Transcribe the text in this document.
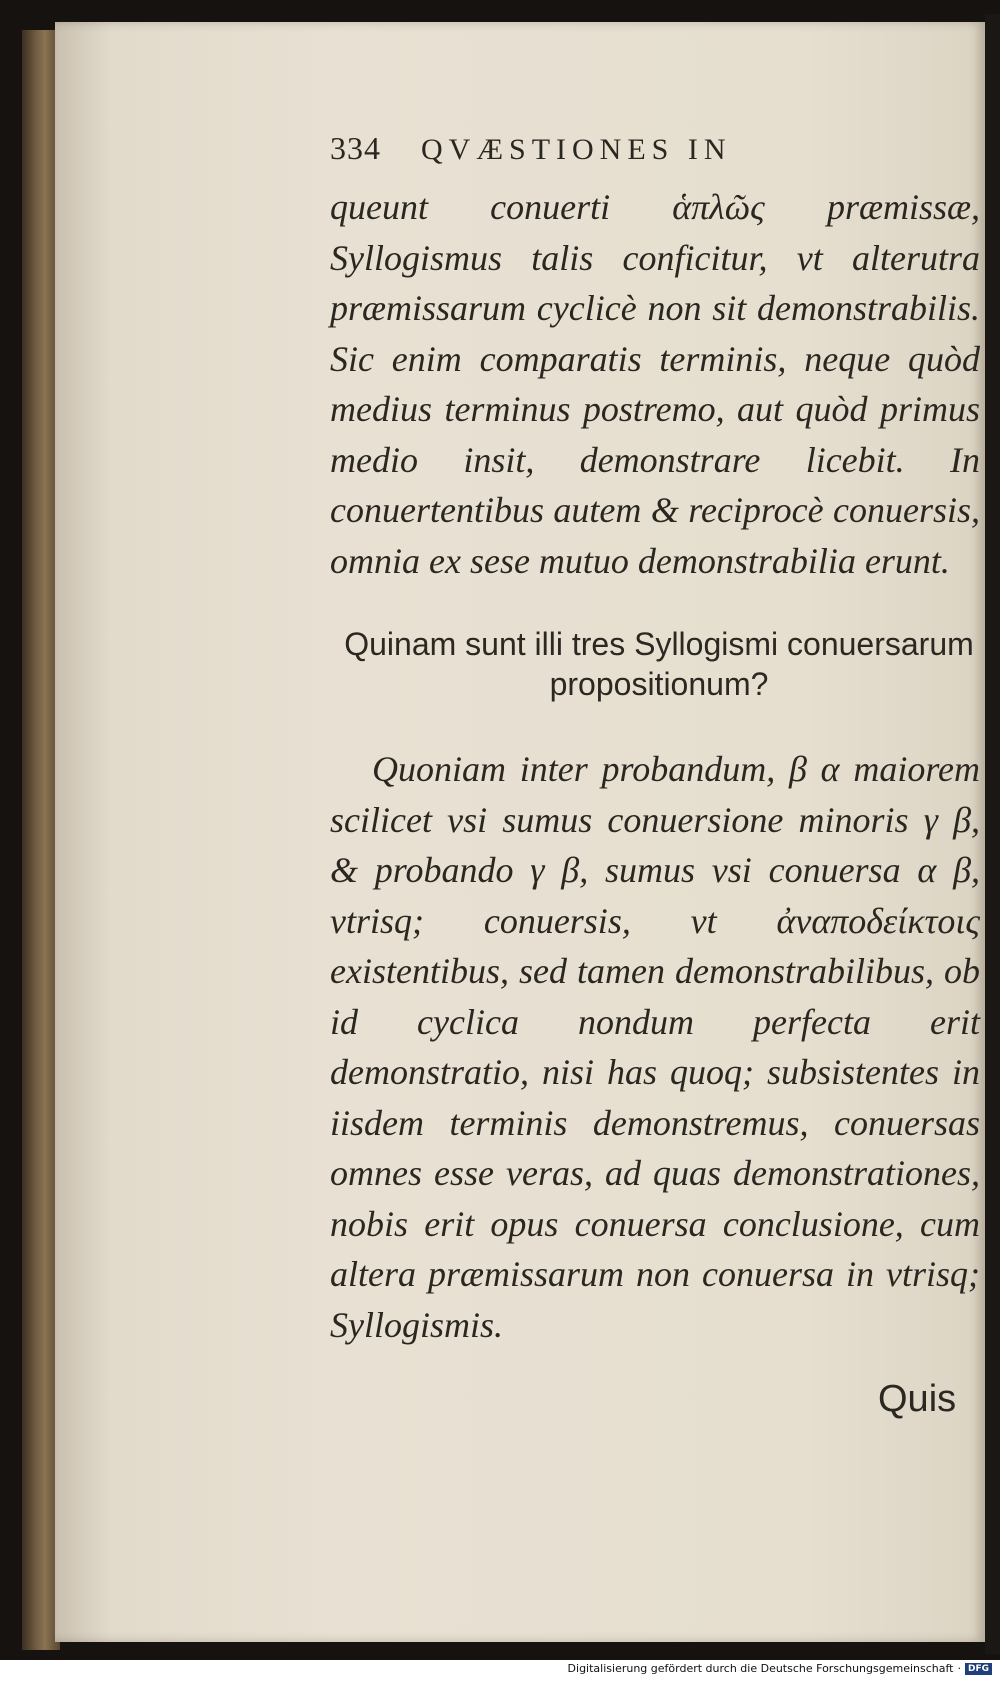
334 QVÆSTIONES IN

queunt conuerti ἁπλῶς præmissæ, Syllogismus talis conficitur, vt alterutra præmissarum cyclicè non sit demonstrabilis. Sic enim comparatis terminis, neque quòd medius terminus postremo, aut quòd primus medio insit, demonstrare licebit. In conuertentibus autem & reciprocè conuersis, omnia ex sese mutuo demonstrabilia erunt.

Quinam sunt illi tres Syllogismi conuersarum propositionum?

Quoniam inter probandum, β α maiorem scilicet vsi sumus conuersione minoris γ β, & probando γ β, sumus vsi conuersa α β, vtrisq; conuersis, vt ἀναποδείκτοις existentibus, sed tamen demonstrabilibus, ob id cyclica nondum perfecta erit demonstratio, nisi has quoq; subsistentes in iisdem terminis demonstremus, conuersas omnes esse veras, ad quas demonstrationes, nobis erit opus conuersa conclusione, cum altera præmissarum non conuersa in vtrisq; Syllogismis.

Quis
Digitalisierung gefördert durch die Deutsche Forschungsgemeinschaft · DFG
